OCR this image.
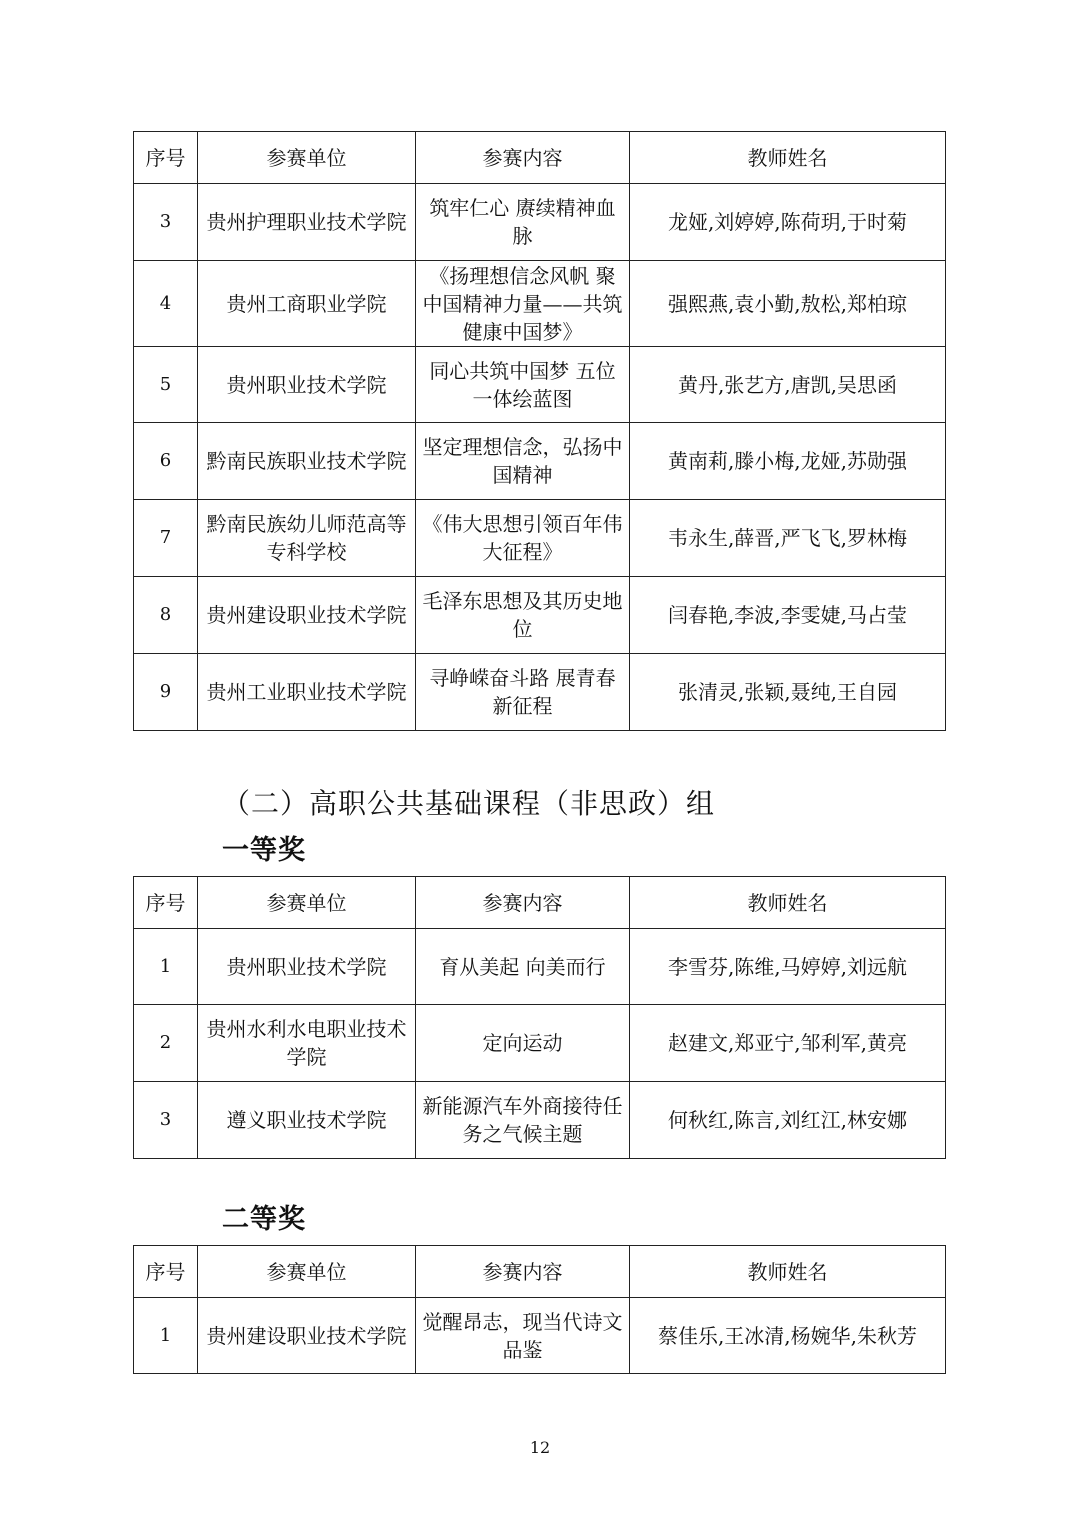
序号	参赛单位	参赛内容	教师姓名
3	贵州护理职业技术学院	筑牢仁心 赓续精神血脉	龙娅,刘婷婷,陈荷玥,于时菊
4	贵州工商职业学院	《扬理想信念风帆 聚中国精神力量——共筑健康中国梦》	强熙燕,袁小勤,敖松,郑柏琼
5	贵州职业技术学院	同心共筑中国梦 五位一体绘蓝图	黄丹,张艺方,唐凯,吴思函
6	黔南民族职业技术学院	坚定理想信念，弘扬中国精神	黄南莉,滕小梅,龙娅,苏勋强
7	黔南民族幼儿师范高等专科学校	《伟大思想引领百年伟大征程》	韦永生,薛晋,严飞飞,罗林梅
8	贵州建设职业技术学院	毛泽东思想及其历史地位	闫春艳,李波,李雯婕,马占莹
9	贵州工业职业技术学院	寻峥嵘奋斗路 展青春新征程	张清灵,张颖,聂纯,王自园
（二）高职公共基础课程（非思政）组
一等奖
序号	参赛单位	参赛内容	教师姓名
1	贵州职业技术学院	育从美起 向美而行	李雪芬,陈维,马婷婷,刘远航
2	贵州水利水电职业技术学院	定向运动	赵建文,郑亚宁,邹利军,黄亮
3	遵义职业技术学院	新能源汽车外商接待任务之气候主题	何秋红,陈言,刘红江,林安娜
二等奖
序号	参赛单位	参赛内容	教师姓名
1	贵州建设职业技术学院	觉醒昂志，现当代诗文品鉴	蔡佳乐,王冰清,杨婉华,朱秋芳
12
